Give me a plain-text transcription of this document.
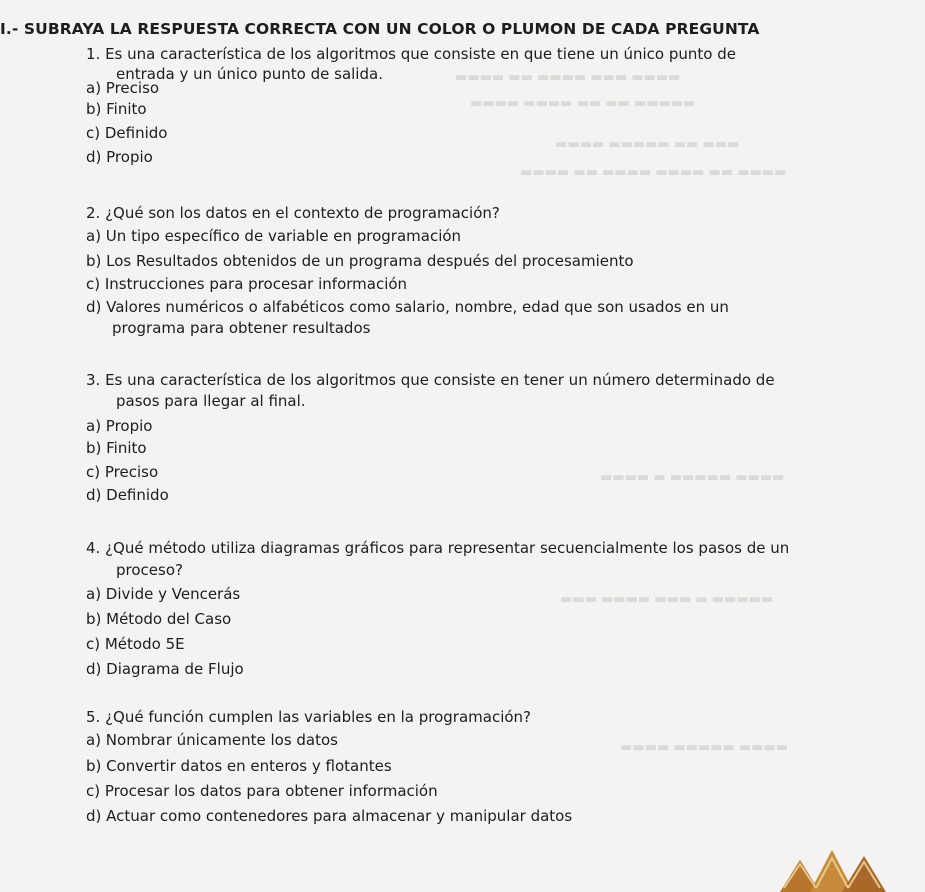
I.- SUBRAYA LA RESPUESTA CORRECTA CON UN COLOR O PLUMON DE CADA PREGUNTA
1. Es una característica de los algoritmos que consiste en que tiene un único punto de
entrada y un único punto de salida.
a) Preciso
b) Finito
c) Definido
d) Propio
2. ¿Qué son los datos en el contexto de programación?
a) Un tipo específico de variable en programación
b) Los Resultados obtenidos de un programa después del procesamiento
c) Instrucciones para procesar información
d) Valores numéricos o alfabéticos como salario, nombre, edad que son usados en un
programa para obtener resultados
3. Es una característica de los algoritmos que consiste en tener un número determinado de
pasos para llegar al final.
a) Propio
b) Finito
c) Preciso
d) Definido
4. ¿Qué método utiliza diagramas gráficos para representar secuencialmente los pasos de un
proceso?
a) Divide y Vencerás
b) Método del Caso
c) Método 5E
d) Diagrama de Flujo
5. ¿Qué función cumplen las variables en la programación?
a) Nombrar únicamente los datos
b) Convertir datos en enteros y flotantes
c) Procesar los datos para obtener información
d) Actuar como contenedores para almacenar y manipular datos
▬▬▬▬ ▬▬▬ ▬▬▬▬ ▬▬ ▬▬▬▬
▬▬▬▬▬ ▬▬ ▬▬ ▬▬▬▬ ▬▬▬▬
▬▬▬ ▬▬ ▬▬▬▬▬ ▬▬▬▬
▬▬▬▬ ▬▬ ▬▬▬▬ ▬▬▬▬ ▬▬ ▬▬▬▬
▬▬▬▬ ▬▬▬▬▬ ▬ ▬▬▬▬
▬▬▬▬▬ ▬ ▬▬▬ ▬▬▬▬ ▬▬▬
▬▬▬▬ ▬▬▬▬▬ ▬▬▬▬
